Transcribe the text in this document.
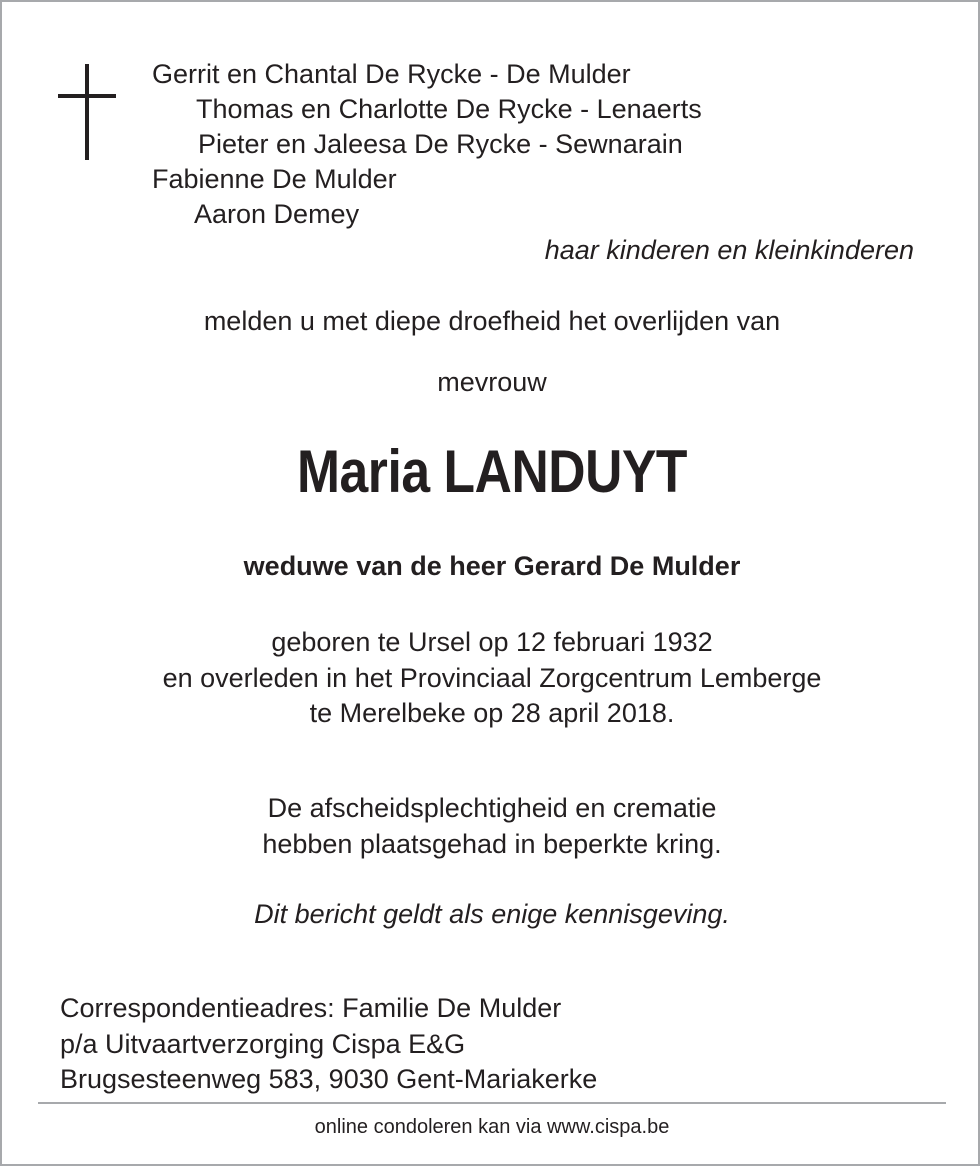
Gerrit en Chantal De Rycke - De Mulder
Thomas en Charlotte De Rycke - Lenaerts
Pieter en Jaleesa De Rycke - Sewnarain
Fabienne De Mulder
Aaron Demey
haar kinderen en kleinkinderen
melden u met diepe droefheid het overlijden van
mevrouw
Maria LANDUYT
weduwe van de heer Gerard De Mulder
geboren te Ursel op 12 februari 1932
en overleden in het Provinciaal Zorgcentrum Lemberge
te Merelbeke op 28 april 2018.
De afscheidsplechtigheid en crematie
hebben plaatsgehad in beperkte kring.
Dit bericht geldt als enige kennisgeving.
Correspondentieadres: Familie De Mulder
p/a Uitvaartverzorging Cispa E&G
Brugsesteenweg 583, 9030 Gent-Mariakerke
online condoleren kan via www.cispa.be
